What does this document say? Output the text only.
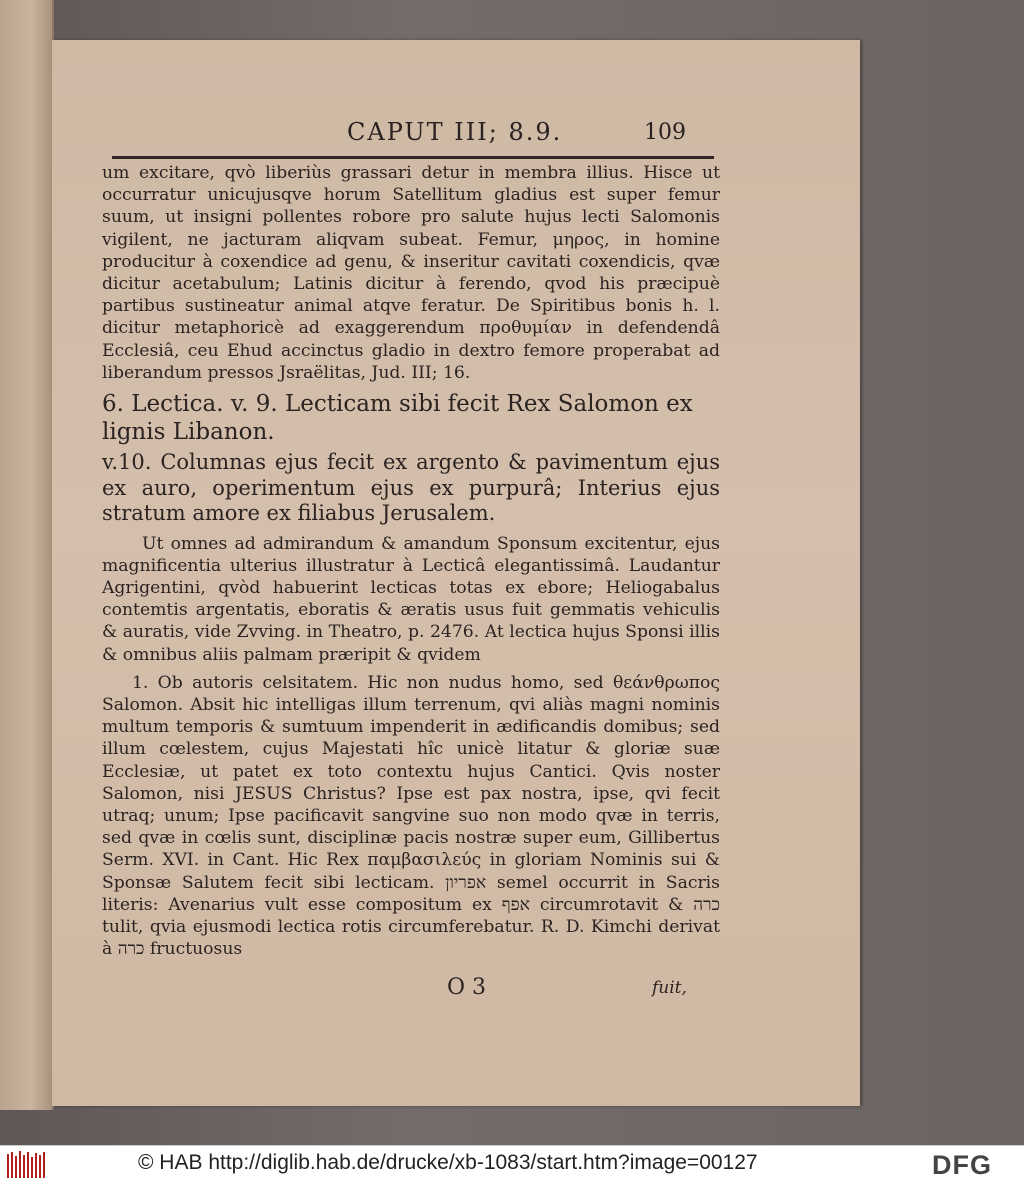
CAPUT III; 8.9.	109

um excitare, qvò liberiùs grassari detur in membra illius. Hisce ut occurratur unicujusqve horum Satellitum gladius est super femur suum, ut insigni pollentes robore pro salute hujus lecti Salomonis vigilent, ne jacturam aliqvam subeat. Femur, μηρος, in homine producitur à coxendice ad genu, & inseritur cavitati coxendicis, qvæ dicitur acetabulum; Latinis dicitur à ferendo, qvod his præcipuè partibus sustineatur animal atqve feratur. De Spiritibus bonis h. l. dicitur metaphoricè ad exaggerendum προθυμίαν in defendendâ Ecclesiâ, ceu Ehud accinctus gladio in dextro femore properabat ad liberandum pressos Jsraëlitas, Jud. III; 16.

6. Lectica. v. 9. Lecticam sibi fecit Rex Salomon ex lignis Libanon.

v.10. Columnas ejus fecit ex argento & pavimentum ejus ex auro, operimentum ejus ex purpurâ; Interius ejus stratum amore ex filiabus Jerusalem.

Ut omnes ad admirandum & amandum Sponsum excitentur, ejus magnificentia ulterius illustratur à Lecticâ elegantissimâ. Laudantur Agrigentini, qvòd habuerint lecticas totas ex ebore; Heliogabalus contemtis argentatis, eboratis & æratis usus fuit gemmatis vehiculis & auratis, vide Zvving. in Theatro, p. 2476. At lectica hujus Sponsi illis & omnibus aliis palmam præripit & qvidem

1. Ob autoris celsitatem. Hic non nudus homo, sed θεάνθρωπος Salomon. Absit hic intelligas illum terrenum, qvi aliàs magni nominis multum temporis & sumtuum impenderit in ædificandis domibus; sed illum cœlestem, cujus Majestati hîc unicè litatur & gloriæ suæ Ecclesiæ, ut patet ex toto contextu hujus Cantici. Qvis noster Salomon, nisi JESUS Christus? Ipse est pax nostra, ipse, qvi fecit utraq; unum; Ipse pacificavit sangvine suo non modo qvæ in terris, sed qvæ in cœlis sunt, disciplinæ pacis nostræ super eum, Gillibertus Serm. XVI. in Cant. Hic Rex παμβασιλεύς in gloriam Nominis sui & Sponsæ Salutem fecit sibi lecticam. אפריון semel occurrit in Sacris literis: Avenarius vult esse compositum ex אפף circumrotavit & כרה tulit, qvia ejusmodi lectica rotis circumferebatur. R. D. Kimchi derivat à כרה fructuosus

O 3	fuit,
© HAB http://diglib.hab.de/drucke/xb-1083/start.htm?image=00127	DFG
